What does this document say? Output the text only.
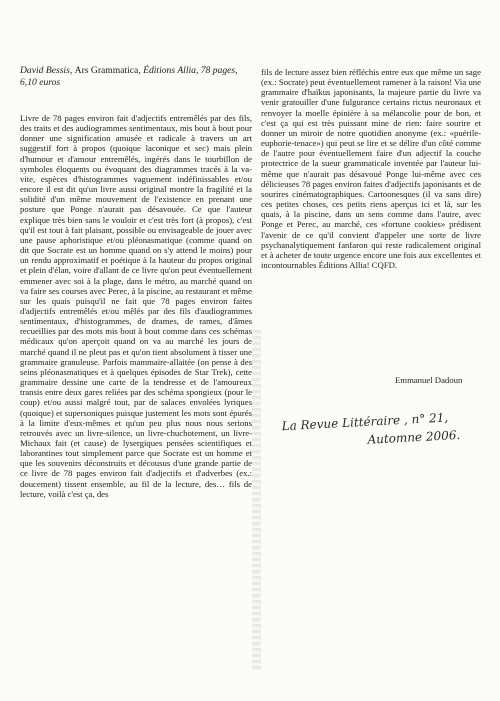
David Bessis, Ars Grammatica, Éditions Allia, 78 pages,
6,10 euros

Livre de 78 pages environ fait d'adjectifs entremêlés par des fils, des traits et des audiogrammes sentimentaux, mis bout à bout pour donner une signification amusée et radicale à travers un art suggestif fort à propos (quoique laconique et sec) mais plein d'humour et d'amour entremêlés, ingérés dans le tourbillon de symboles éloquents ou évoquant des diagrammes tracés à la va-vite, espèces d'histogrammes vaguement indéfinissables et/ou encore il est dit qu'un livre aussi original montre la fragilité et la solidité d'un même mouvement de l'existence en prenant une posture que Ponge n'aurait pas désavouée. Ce que l'auteur explique très bien sans le vouloir et c'est très fort (à propos), c'est qu'il est tout à fait plaisant, possible ou envisageable de jouer avec une pause aphoristique et/ou pléonasmatique (comme quand on dit que Socrate est un homme quand on s'y attend le moins) pour un rendu approximatif et poétique à la hauteur du propos original et plein d'élan, voire d'allant de ce livre qu'on peut éventuellement emmener avec soi à la plage, dans le métro, au marché quand on va faire ses courses avec Perec, à la piscine, au restaurant et même sur les quais puisqu'il ne fait que 78 pages environ faites d'adjectifs entremêlés et/ou mêlés par des fils d'audiogrammes sentimentaux, d'histogrammes, de drames, de rames, d'âmes recueillies par des mots mis bout à bout comme dans ces schémas médicaux qu'on aperçoit quand on va au marché les jours de marché quand il ne pleut pas et qu'on tient absolument à tisser une grammaire granuleuse. Parfois mammaire-allaitée (on pense à des seins pléonasmatiques et à quelques épisodes de Star Trek), cette grammaire dessine une carte de la tendresse et de l'amoureux transis entre deux gares reliées par des schéma spongieux (pour le coup) et/ou aussi malgré tout, par de salaces envolées lyriques (quoique) et supersoniques puisque justement les mots sont épurés à la limite d'eux-mêmes et qu'un peu plus nous nous serions retrouvés avec un livre-silence, un livre-chuchotement, un livre-Michaux fait (et cause) de lysergiques pensées scientifiques et laborantines tout simplement parce que Socrate est un homme et que les souvenirs déconstruits et décousus d'une grande partie de ce livre de 78 pages environ fait d'adjectifs et d'adverbes (ex.: doucement) tissent ensemble, au fil de la lecture, des… fils de lecture, voilà c'est ça, des

fils de lecture assez bien réfléchis entre eux que même un sage (ex.: Socrate) peut éventuellement ramener à la raison! Via une grammaire d'haïkus japonisants, la majeure partie du livre va venir gratouiller d'une fulgurance certains rictus neuronaux et renvoyer la moelle épinière à sa mélancolie pour de bon, et c'est ça qui est très puissant mine de rien: faire sourire et donner un miroir de notre quotidien anonyme (ex.: «puérile-euphorie-tenace») qui peut se lire et se délire d'un côté comme de l'autre pour éventuellement faire d'un adjectif la couche protectrice de la sueur grammaticale inventée par l'auteur lui-même que n'aurait pas désavoué Ponge lui-même avec ces délicieuses 78 pages environ faites d'adjectifs japonisants et de sourires cinématographiques. Cartoonesques (il va sans dire) ces petites choses, ces petits riens aperçus ici et là, sur les quais, à la piscine, dans un sens comme dans l'autre, avec Ponge et Perec, au marché, ces «fortune cookies» prédisent l'avenir de ce qu'il convient d'appeler une sorte de livre psychanalytiquement fanfaron qui reste radicalement original et à acheter de toute urgence encore une fois aux excellentes et incontournables Éditions Allia! CQFD.

Emmanuel Dadoun
La Revue Littéraire , n° 21,
Automne 2006.
